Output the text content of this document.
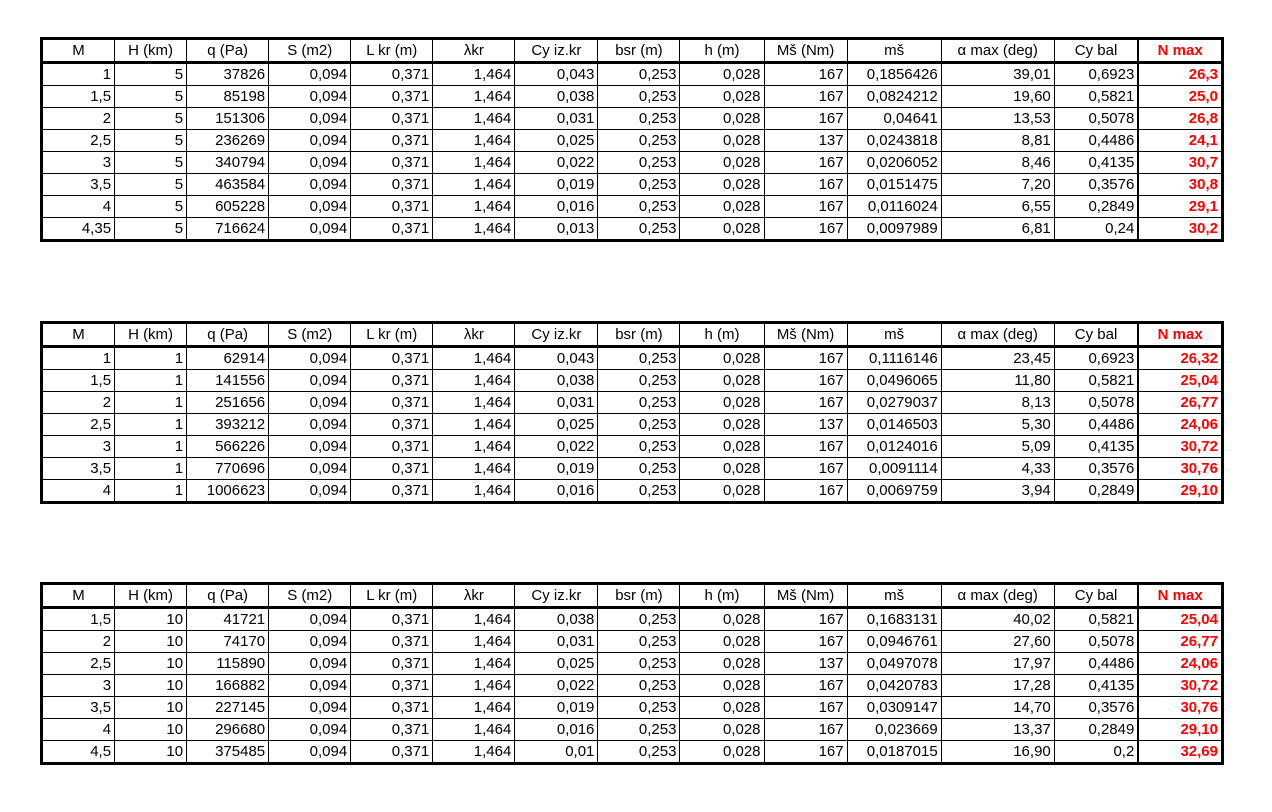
M	H (km)	q (Pa)	S (m2)	L kr (m)	λkr	Cy iz.kr	bsr (m)	h (m)	Mš (Nm)	mš	α max (deg)	Cy bal	N max
1	5	37826	0,094	0,371	1,464	0,043	0,253	0,028	167	0,1856426	39,01	0,6923	26,3
1,5	5	85198	0,094	0,371	1,464	0,038	0,253	0,028	167	0,0824212	19,60	0,5821	25,0
2	5	151306	0,094	0,371	1,464	0,031	0,253	0,028	167	0,04641	13,53	0,5078	26,8
2,5	5	236269	0,094	0,371	1,464	0,025	0,253	0,028	137	0,0243818	8,81	0,4486	24,1
3	5	340794	0,094	0,371	1,464	0,022	0,253	0,028	167	0,0206052	8,46	0,4135	30,7
3,5	5	463584	0,094	0,371	1,464	0,019	0,253	0,028	167	0,0151475	7,20	0,3576	30,8
4	5	605228	0,094	0,371	1,464	0,016	0,253	0,028	167	0,0116024	6,55	0,2849	29,1
4,35	5	716624	0,094	0,371	1,464	0,013	0,253	0,028	167	0,0097989	6,81	0,24	30,2
M	H (km)	q (Pa)	S (m2)	L kr (m)	λkr	Cy iz.kr	bsr (m)	h (m)	Mš (Nm)	mš	α max (deg)	Cy bal	N max
1	1	62914	0,094	0,371	1,464	0,043	0,253	0,028	167	0,1116146	23,45	0,6923	26,32
1,5	1	141556	0,094	0,371	1,464	0,038	0,253	0,028	167	0,0496065	11,80	0,5821	25,04
2	1	251656	0,094	0,371	1,464	0,031	0,253	0,028	167	0,0279037	8,13	0,5078	26,77
2,5	1	393212	0,094	0,371	1,464	0,025	0,253	0,028	137	0,0146503	5,30	0,4486	24,06
3	1	566226	0,094	0,371	1,464	0,022	0,253	0,028	167	0,0124016	5,09	0,4135	30,72
3,5	1	770696	0,094	0,371	1,464	0,019	0,253	0,028	167	0,0091114	4,33	0,3576	30,76
4	1	1006623	0,094	0,371	1,464	0,016	0,253	0,028	167	0,0069759	3,94	0,2849	29,10
M	H (km)	q (Pa)	S (m2)	L kr (m)	λkr	Cy iz.kr	bsr (m)	h (m)	Mš (Nm)	mš	α max (deg)	Cy bal	N max
1,5	10	41721	0,094	0,371	1,464	0,038	0,253	0,028	167	0,1683131	40,02	0,5821	25,04
2	10	74170	0,094	0,371	1,464	0,031	0,253	0,028	167	0,0946761	27,60	0,5078	26,77
2,5	10	115890	0,094	0,371	1,464	0,025	0,253	0,028	137	0,0497078	17,97	0,4486	24,06
3	10	166882	0,094	0,371	1,464	0,022	0,253	0,028	167	0,0420783	17,28	0,4135	30,72
3,5	10	227145	0,094	0,371	1,464	0,019	0,253	0,028	167	0,0309147	14,70	0,3576	30,76
4	10	296680	0,094	0,371	1,464	0,016	0,253	0,028	167	0,023669	13,37	0,2849	29,10
4,5	10	375485	0,094	0,371	1,464	0,01	0,253	0,028	167	0,0187015	16,90	0,2	32,69
